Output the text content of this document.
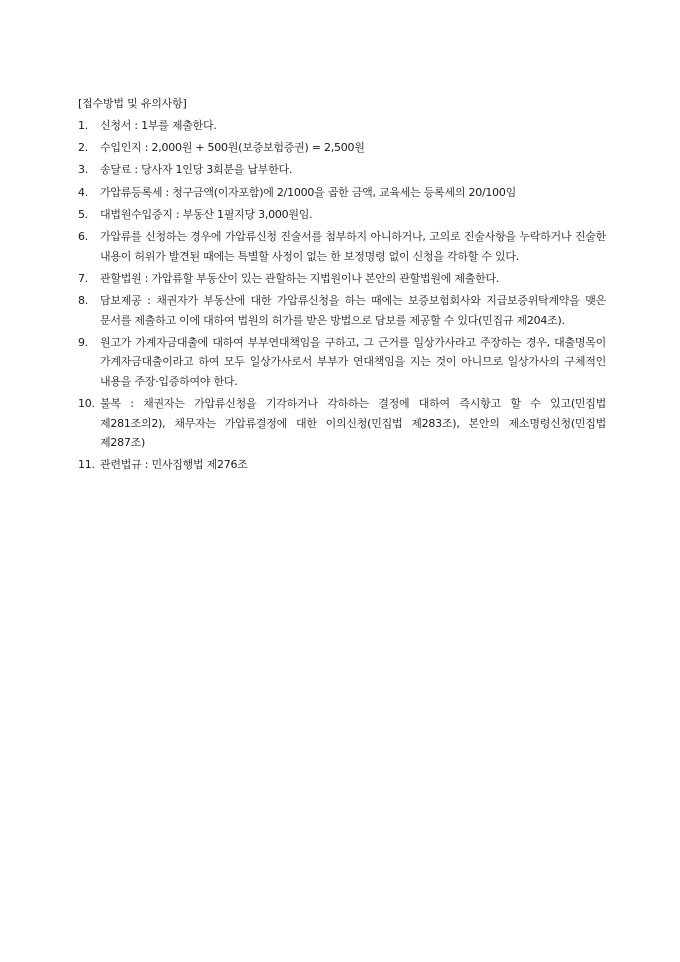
[접수방법 및 유의사항]
1.	신청서 : 1부를 제출한다.
2.	수입인지 : 2,000원 + 500원(보증보험증권) = 2,500원
3.	송달료 : 당사자 1인당 3회분을 납부한다.
4.	가압류등록세 : 청구금액(이자포함)에 2/1000을 곱한 금액, 교육세는 등록세의 20/100임
5.	대법원수입증지 : 부동산 1필지당 3,000원임.
6.	가압류를 신청하는 경우에 가압류신청 진술서를 첨부하지 아니하거나, 고의로 진술사항을 누락하거나 진술한 내용이 허위가 발견된 때에는 특별할 사정이 없는 한 보정명령 없이 신청을 각하할 수 있다.
7.	관할법원 : 가압류할 부동산이 있는 관할하는 지법원이나 본안의 관할법원에 제출한다.
8.	담보제공 : 채권자가 부동산에 대한 가압류신청을 하는 때에는 보증보험회사와 지급보증위탁계약을 맺은 문서를 제출하고 이에 대하여 법원의 허가를 받은 방법으로 담보를 제공할 수 있다(민집규 제204조).
9.	원고가 가계자금대출에 대하여 부부연대책임을 구하고, 그 근거를 일상가사라고 주장하는 경우, 대출명목이 가계자금대출이라고 하여 모두 일상가사로서 부부가 연대책임을 지는 것이 아니므로 일상가사의 구체적인 내용을 주장·입증하여야 한다.
10. 불복 : 채권자는 가압류신청을 기각하거나 각하하는 결정에 대하여 즉시항고 할 수 있고(민집법 제281조의2), 채무자는 가압류결정에 대한 이의신청(민집법 제283조), 본안의 제소명령신청(민집법 제287조)
11. 관련법규 : 민사집행법 제276조
